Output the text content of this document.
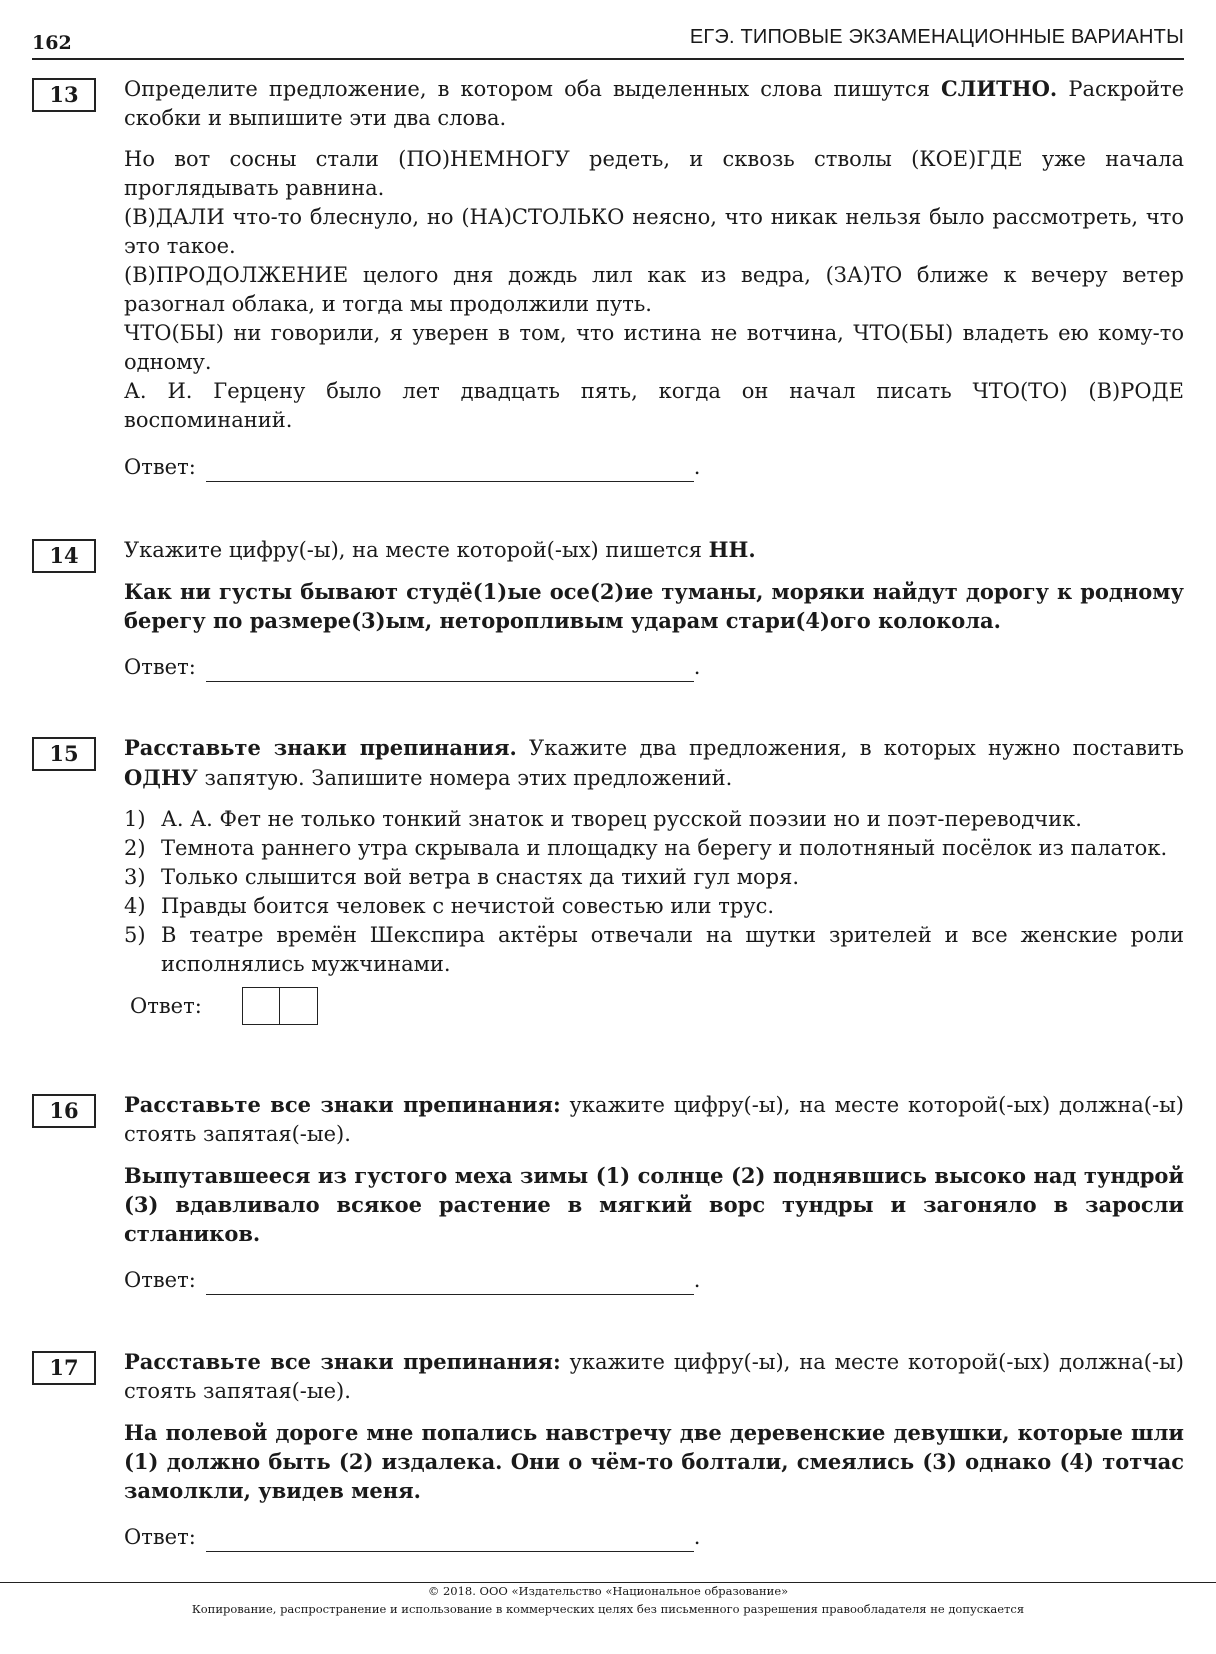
162	ЕГЭ. ТИПОВЫЕ ЭКЗАМЕНАЦИОННЫЕ ВАРИАНТЫ
13	Определите предложение, в котором оба выделенных слова пишутся СЛИТНО. Раскройте скобки и выпишите эти два слова.

Но вот сосны стали (ПО)НЕМНОГУ редеть, и сквозь стволы (КОЕ)ГДЕ уже начала проглядывать равнина.

(В)ДАЛИ что-то блеснуло, но (НА)СТОЛЬКО неясно, что никак нельзя было рассмотреть, что это такое.

(В)ПРОДОЛЖЕНИЕ целого дня дождь лил как из ведра, (ЗА)ТО ближе к вечеру ветер разогнал облака, и тогда мы продолжили путь.

ЧТО(БЫ) ни говорили, я уверен в том, что истина не вотчина, ЧТО(БЫ) владеть ею кому-то одному.

А. И. Герцену было лет двадцать пять, когда он начал писать ЧТО(ТО) (В)РОДЕ воспоминаний.

Ответ:	.
14	Укажите цифру(-ы), на месте которой(-ых) пишется НН.

Как ни густы бывают студё(1)ые осе(2)ие туманы, моряки найдут дорогу к родному берегу по размере(3)ым, неторопливым ударам стари(4)ого колокола.

Ответ:	.
15	Расставьте знаки препинания. Укажите два предложения, в которых нужно поставить ОДНУ запятую. Запишите номера этих предложений.

1) А. А. Фет не только тонкий знаток и творец русской поэзии но и поэт-переводчик.
2) Темнота раннего утра скрывала и площадку на берегу и полотняный посёлок из палаток.
3) Только слышится вой ветра в снастях да тихий гул моря.
4) Правды боится человек с нечистой совестью или трус.
5) В театре времён Шекспира актёры отвечали на шутки зрителей и все женские роли исполнялись мужчинами.
Ответ:
16	Расставьте все знаки препинания: укажите цифру(-ы), на месте которой(-ых) должна(-ы) стоять запятая(-ые).

Выпутавшееся из густого меха зимы (1) солнце (2) поднявшись высоко над тундрой (3) вдавливало всякое растение в мягкий ворс тундры и загоняло в заросли стлаников.

Ответ:	.
17	Расставьте все знаки препинания: укажите цифру(-ы), на месте которой(-ых) должна(-ы) стоять запятая(-ые).

На полевой дороге мне попались навстречу две деревенские девушки, которые шли (1) должно быть (2) издалека. Они о чём-то болтали, смеялись (3) однако (4) тотчас замолкли, увидев меня.

Ответ:	.
© 2018. ООО «Издательство «Национальное образование»
Копирование, распространение и использование в коммерческих целях без письменного разрешения правообладателя не допускается
